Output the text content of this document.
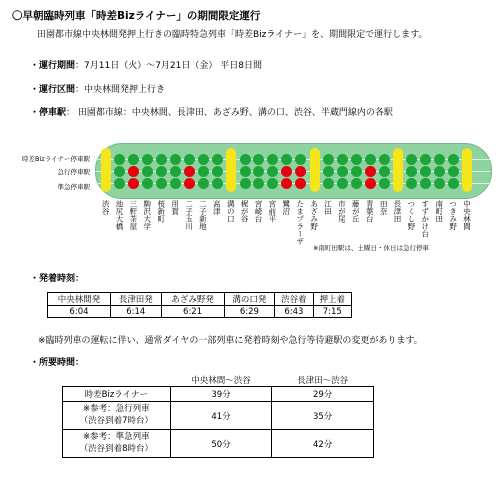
〇早朝臨時列車「時差Bizライナー」の期間限定運行
田園都市線中央林間発押上行きの臨時特急列車「時差Bizライナー」を、期間限定で運行します。
・運行期間：7月11日（火）～7月21日（金） 平日8日間
・運行区間：中央林間発押上行き
・停車駅： 田園都市線：中央林間、長津田、あざみ野、溝の口、渋谷、半蔵門線内の各駅
時差Bizライナー停車駅
急行停車駅
準急停車駅
渋谷 池尻大橋 三軒茶屋 駒沢大学 桜新町 用賀 二子玉川 二子新地 高津 溝の口 梶が谷 宮崎台 宮前平 鷺沼 たまプラーザ あざみ野 江田 市が尾 藤が丘 青葉台 田奈 長津田 つくし野 すずかけ台 南町田 つきみ野 中央林間
※南町田駅は、土曜日・休日は急行停車
・発着時刻：
中央林間発	長津田発	あざみ野発	溝の口発	渋谷着	押上着
6:04	6:14	6:21	6:29	6:43	7:15
※臨時列車の運転に伴い、通常ダイヤの一部列車に発着時刻や急行等待避駅の変更があります。
・所要時間：
	中央林間～渋谷	長津田～渋谷
時差Bizライナー	39分	29分
※参考：急行列車
（渋谷到着7時台）	41分	35分
※参考：準急列車
（渋谷到着8時台）	50分	42分
